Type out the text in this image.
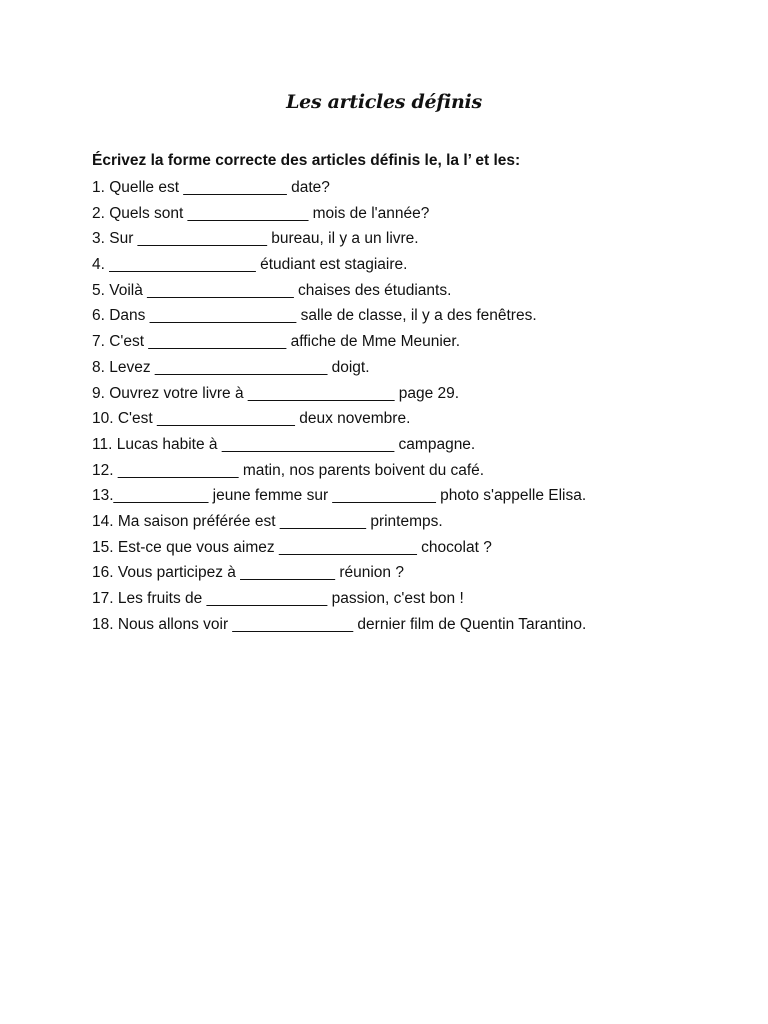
Les articles définis
Écrivez la forme correcte des articles définis le, la l’ et les:
1. Quelle est ____________ date?
2. Quels sont ______________ mois de l'année?
3. Sur _______________ bureau, il y a un livre.
4. _________________ étudiant est stagiaire.
5. Voilà _________________ chaises des étudiants.
6. Dans _________________ salle de classe, il y a des fenêtres.
7. C'est ________________ affiche de Mme Meunier.
8. Levez ____________________ doigt.
9. Ouvrez votre livre à _________________ page 29.
10. C'est ________________ deux novembre.
11. Lucas habite à ____________________ campagne.
12. ______________ matin, nos parents boivent du café.
13.___________ jeune femme sur ____________ photo s'appelle Elisa.
14. Ma saison préférée est __________ printemps.
15. Est-ce que vous aimez ________________ chocolat ?
16. Vous participez à ___________ réunion ?
17. Les fruits de ______________ passion, c'est bon !
18. Nous allons voir ______________ dernier film de Quentin Tarantino.
